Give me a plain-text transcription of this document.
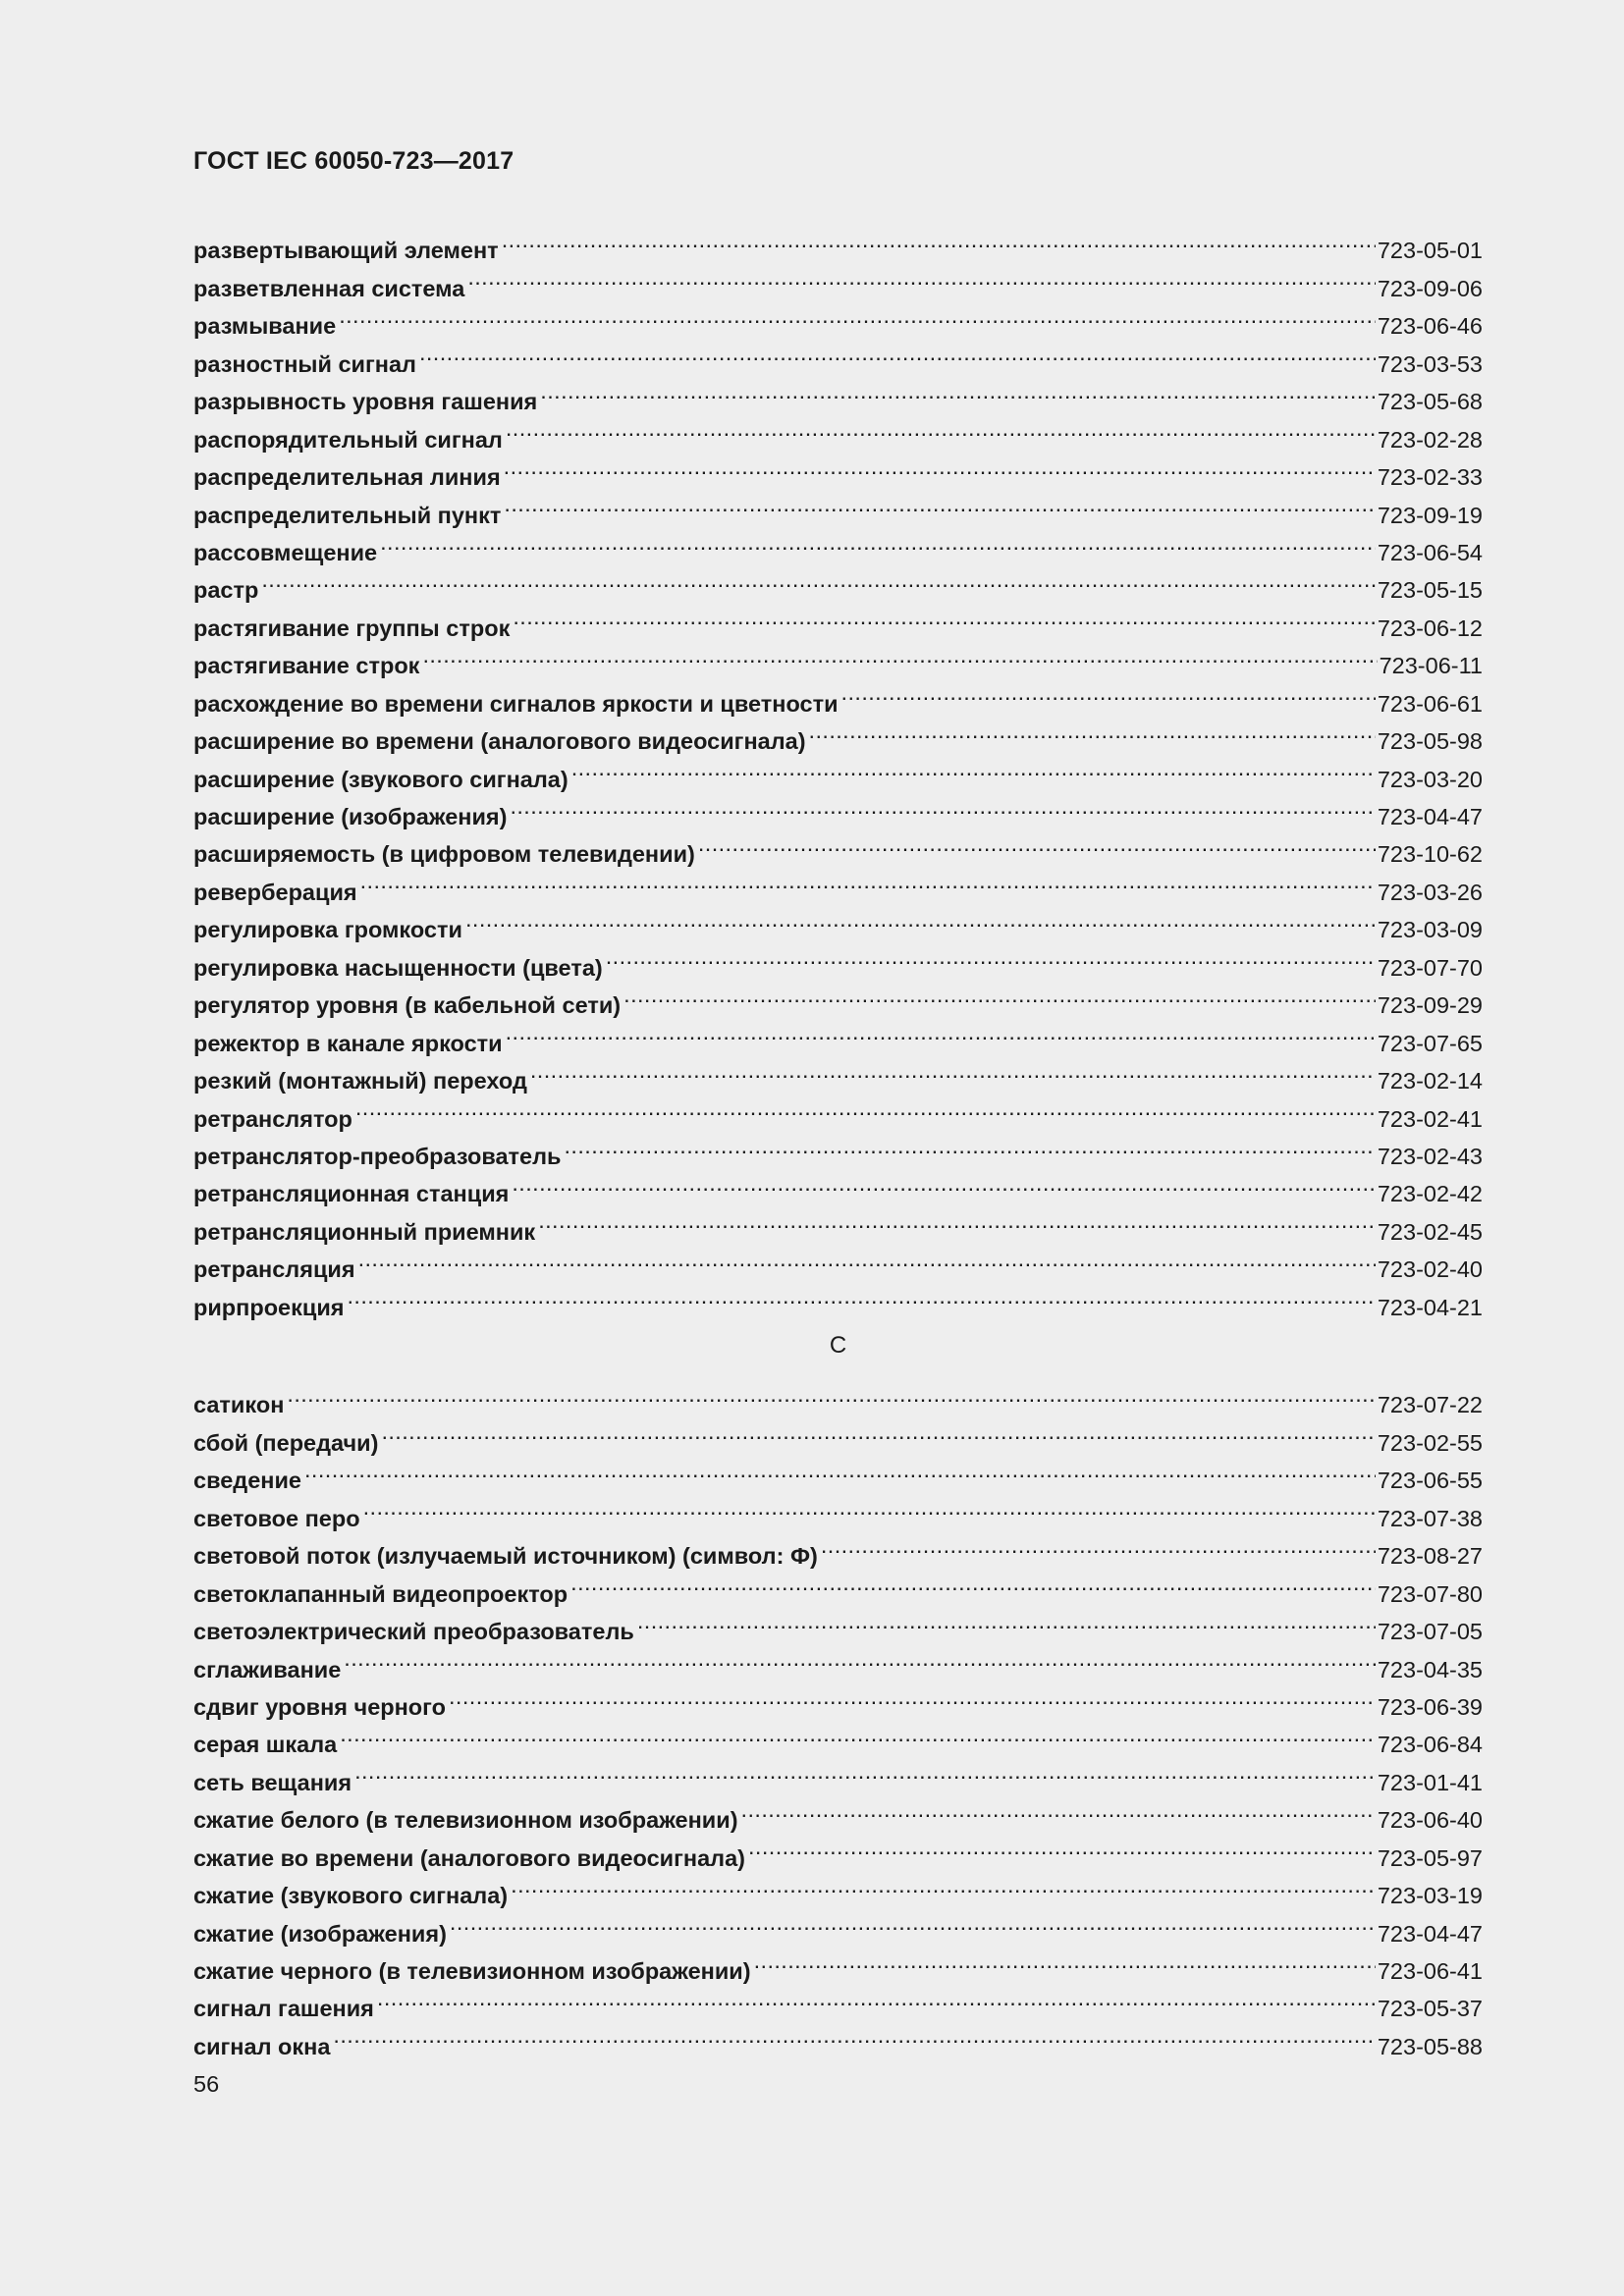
ГОСТ IEC 60050-723—2017
развертывающий элемент .....	723-05-01
разветвленная система .....	723-09-06
размывание .....	723-06-46
разностный сигнал .....	723-03-53
разрывность уровня гашения .....	723-05-68
распорядительный сигнал .....	723-02-28
распределительная линия .....	723-02-33
распределительный пункт .....	723-09-19
рассовмещение .....	723-06-54
растр .....	723-05-15
растягивание группы строк .....	723-06-12
растягивание строк .....	723-06-11
расхождение во времени сигналов яркости и цветности .....	723-06-61
расширение во времени (аналогового видеосигнала) .....	723-05-98
расширение (звукового сигнала) .....	723-03-20
расширение (изображения) .....	723-04-47
расширяемость (в цифровом телевидении) .....	723-10-62
реверберация .....	723-03-26
регулировка громкости .....	723-03-09
регулировка насыщенности (цвета) .....	723-07-70
регулятор уровня (в кабельной сети) .....	723-09-29
режектор в канале яркости .....	723-07-65
резкий (монтажный) переход .....	723-02-14
ретранслятор .....	723-02-41
ретранслятор-преобразователь .....	723-02-43
ретрансляционная станция .....	723-02-42
ретрансляционный приемник .....	723-02-45
ретрансляция .....	723-02-40
рирпроекция .....	723-04-21
С
сатикон .....	723-07-22
сбой (передачи) .....	723-02-55
сведение .....	723-06-55
световое перо .....	723-07-38
световой поток (излучаемый источником) (символ: Ф) .....	723-08-27
светоклапанный видеопроектор .....	723-07-80
светоэлектрический преобразователь .....	723-07-05
сглаживание .....	723-04-35
сдвиг уровня черного .....	723-06-39
серая шкала .....	723-06-84
сеть вещания .....	723-01-41
сжатие белого (в телевизионном изображении) .....	723-06-40
сжатие во времени (аналогового видеосигнала) .....	723-05-97
сжатие (звукового сигнала) .....	723-03-19
сжатие (изображения) .....	723-04-47
сжатие черного (в телевизионном изображении) .....	723-06-41
сигнал гашения .....	723-05-37
сигнал окна .....	723-05-88
56
